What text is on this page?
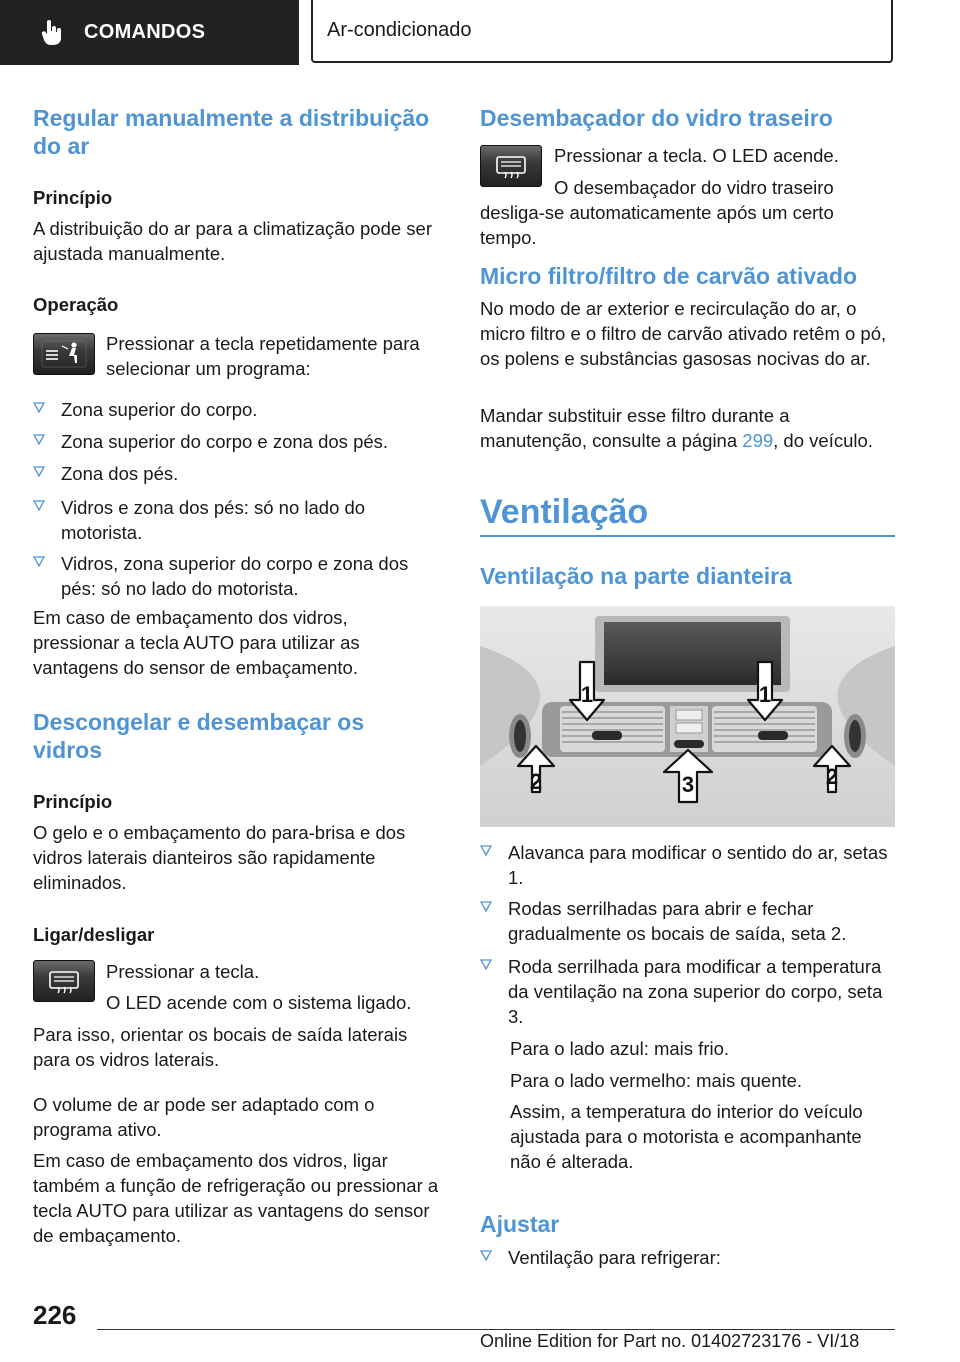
COMANDOS	Ar-condicionado
Regular manualmente a distribuição do ar
Princípio

A distribuição do ar para a climatização pode ser ajustada manualmente.

Operação

Pressionar a tecla repetidamente para selecionar um programa:

Zona superior do corpo.
Zona superior do corpo e zona dos pés.
Zona dos pés.
Vidros e zona dos pés: só no lado do motorista.
Vidros, zona superior do corpo e zona dos pés: só no lado do motorista.

Em caso de embaçamento dos vidros, pressionar a tecla AUTO para utilizar as vantagens do sensor de embaçamento.

Descongelar e desembaçar os vidros
Princípio

O gelo e o embaçamento do para-brisa e dos vidros laterais dianteiros são rapidamente eliminados.

Ligar/desligar

Pressionar a tecla.

O LED acende com o sistema ligado.

Para isso, orientar os bocais de saída laterais para os vidros laterais.

O volume de ar pode ser adaptado com o programa ativo.

Em caso de embaçamento dos vidros, ligar também a função de refrigeração ou pressionar a tecla AUTO para utilizar as vantagens do sensor de embaçamento.

Desembaçador do vidro traseiro

Pressionar a tecla. O LED acende.

O desembaçador do vidro traseiro desliga-se automaticamente após um certo tempo.

Micro filtro/filtro de carvão ativado

No modo de ar exterior e recirculação do ar, o micro filtro e o filtro de carvão ativado retêm o pó, os polens e substâncias gasosas nocivas do ar.

Mandar substituir esse filtro durante a manutenção, consulte a página 299, do veículo.

Ventilação
Ventilação na parte dianteira
1	1
2	2
3
Alavanca para modificar o sentido do ar, setas 1.
Rodas serrilhadas para abrir e fechar gradualmente os bocais de saída, seta 2.
Roda serrilhada para modificar a temperatura da ventilação na zona superior do corpo, seta 3.

Para o lado azul: mais frio.

Para o lado vermelho: mais quente.

Assim, a temperatura do interior do veículo ajustada para o motorista e acompanhante não é alterada.

Ajustar
Ventilação para refrigerar:
226
Online Edition for Part no. 01402723176 - VI/18
